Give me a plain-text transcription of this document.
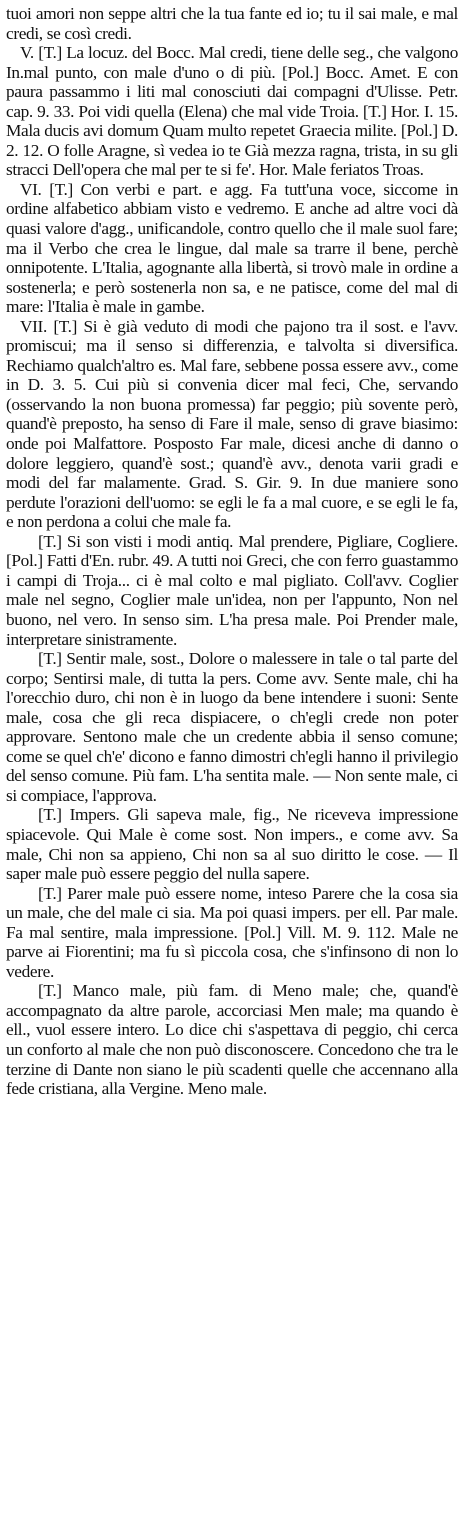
tuoi amori non seppe altri che la tua fante ed io; tu il sai male, e mal credi, se così credi.

V. [T.] La locuz. del Bocc. Mal credi, tiene delle seg., che valgono In.mal punto, con male d'uno o di più. [Pol.] Bocc. Amet. E con paura passammo i liti mal conosciuti dai compagni d'Ulisse. Petr. cap. 9. 33. Poi vidi quella (Elena) che mal vide Troia. [T.] Hor. I. 15. Mala ducis avi domum Quam multo repetet Graecia milite. [Pol.] D. 2. 12. O folle Aragne, sì vedea io te Già mezza ragna, trista, in su gli stracci Dell'opera che mal per te si fe'. Hor. Male feriatos Troas.

VI. [T.] Con verbi e part. e agg. Fa tutt'una voce, siccome in ordine alfabetico abbiam visto e vedremo. E anche ad altre voci dà quasi valore d'agg., unificandole, contro quello che il male suol fare; ma il Verbo che crea le lingue, dal male sa trarre il bene, perchè onnipotente. L'Italia, agognante alla libertà, si trovò male in ordine a sostenerla; e però sostenerla non sa, e ne patisce, come del mal di mare: l'Italia è male in gambe.

VII. [T.] Si è già veduto di modi che pajono tra il sost. e l'avv. promiscui; ma il senso si differenzia, e talvolta si diversifica. Rechiamo qualch'altro es. Mal fare, sebbene possa essere avv., come in D. 3. 5. Cui più si convenia dicer mal feci, Che, servando (osservando la non buona promessa) far peggio; più sovente però, quand'è preposto, ha senso di Fare il male, senso di grave biasimo: onde poi Malfattore. Posposto Far male, dicesi anche di danno o dolore leggiero, quand'è sost.; quand'è avv., denota varii gradi e modi del far malamente. Grad. S. Gir. 9. In due maniere sono perdute l'orazioni dell'uomo: se egli le fa a mal cuore, e se egli le fa, e non perdona a colui che male fa.

[T.] Si son visti i modi antiq. Mal prendere, Pigliare, Cogliere. [Pol.] Fatti d'En. rubr. 49. A tutti noi Greci, che con ferro guastammo i campi di Troja... ci è mal colto e mal pigliato. Coll'avv. Coglier male nel segno, Coglier male un'idea, non per l'appunto, Non nel buono, nel vero. In senso sim. L'ha presa male. Poi Prender male, interpretare sinistramente.

[T.] Sentir male, sost., Dolore o malessere in tale o tal parte del corpo; Sentirsi male, di tutta la pers. Come avv. Sente male, chi ha l'orecchio duro, chi non è in luogo da bene intendere i suoni: Sente male, cosa che gli reca dispiacere, o ch'egli crede non poter approvare. Sentono male che un credente abbia il senso comune; come se quel ch'e' dicono e fanno dimostri ch'egli hanno il privilegio del senso comune. Più fam. L'ha sentita male. — Non sente male, ci si compiace, l'approva.

[T.] Impers. Gli sapeva male, fig., Ne riceveva impressione spiacevole. Qui Male è come sost. Non impers., e come avv. Sa male, Chi non sa appieno, Chi non sa al suo diritto le cose. — Il saper male può essere peggio del nulla sapere.

[T.] Parer male può essere nome, inteso Parere che la cosa sia un male, che del male ci sia. Ma poi quasi impers. per ell. Par male. Fa mal sentire, mala impressione. [Pol.] Vill. M. 9. 112. Male ne parve ai Fiorentini; ma fu sì piccola cosa, che s'infinsono di non lo vedere.

[T.] Manco male, più fam. di Meno male; che, quand'è accompagnato da altre parole, accorciasi Men male; ma quando è ell., vuol essere intero. Lo dice chi s'aspettava di peggio, chi cerca un conforto al male che non può disconoscere. Concedono che tra le terzine di Dante non siano le più scadenti quelle che accennano alla fede cristiana, alla Vergine. Meno male.
